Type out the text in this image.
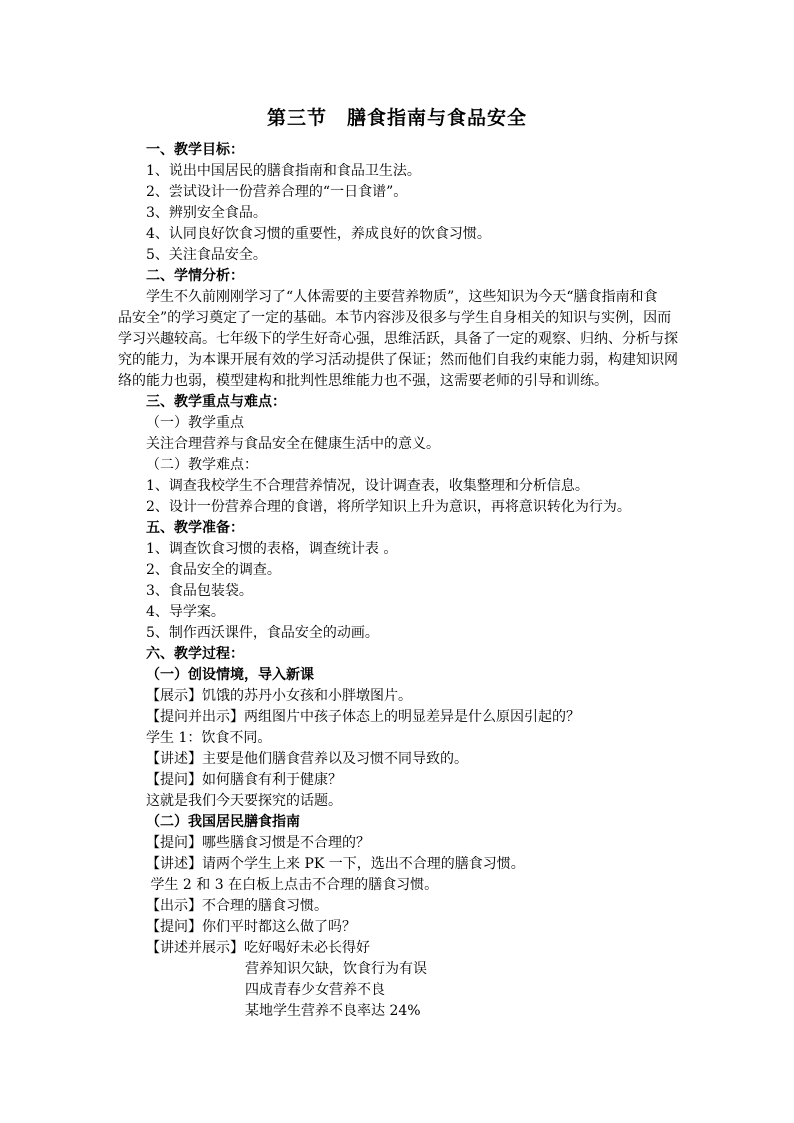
第三节　膳食指南与食品安全
一、教学目标：
1、说出中国居民的膳食指南和食品卫生法。
2、尝试设计一份营养合理的“一日食谱”。
3、辨别安全食品。
4、认同良好饮食习惯的重要性，养成良好的饮食习惯。
5、关注食品安全。
二、学情分析：
学生不久前刚刚学习了“人体需要的主要营养物质”，这些知识为今天“膳食指南和食
品安全”的学习奠定了一定的基础。本节内容涉及很多与学生自身相关的知识与实例，因而
学习兴趣较高。七年级下的学生好奇心强，思维活跃，具备了一定的观察、归纳、分析与探
究的能力，为本课开展有效的学习活动提供了保证；然而他们自我约束能力弱，构建知识网
络的能力也弱，模型建构和批判性思维能力也不强，这需要老师的引导和训练。
三、教学重点与难点：
（一）教学重点
关注合理营养与食品安全在健康生活中的意义。
（二）教学难点：
1、调查我校学生不合理营养情况，设计调查表，收集整理和分析信息。
2、设计一份营养合理的食谱，将所学知识上升为意识，再将意识转化为行为。
五、教学准备：
1、调查饮食习惯的表格，调查统计表 。
2、食品安全的调查。
3、食品包装袋。
4、导学案。
5、制作西沃课件，食品安全的动画。
六、教学过程：
（一）创设情境，导入新课
【展示】饥饿的苏丹小女孩和小胖墩图片。
【提问并出示】两组图片中孩子体态上的明显差异是什么原因引起的？
学生 1：饮食不同。
【讲述】主要是他们膳食营养以及习惯不同导致的。
【提问】如何膳食有利于健康？
这就是我们今天要探究的话题。
（二）我国居民膳食指南
【提问】哪些膳食习惯是不合理的？
【讲述】请两个学生上来 PK 一下，选出不合理的膳食习惯。
学生 2 和 3 在白板上点击不合理的膳食习惯。
【出示】不合理的膳食习惯。
【提问】你们平时都这么做了吗？
【讲述并展示】吃好喝好未必长得好
营养知识欠缺，饮食行为有误
四成青春少女营养不良
某地学生营养不良率达 24%
